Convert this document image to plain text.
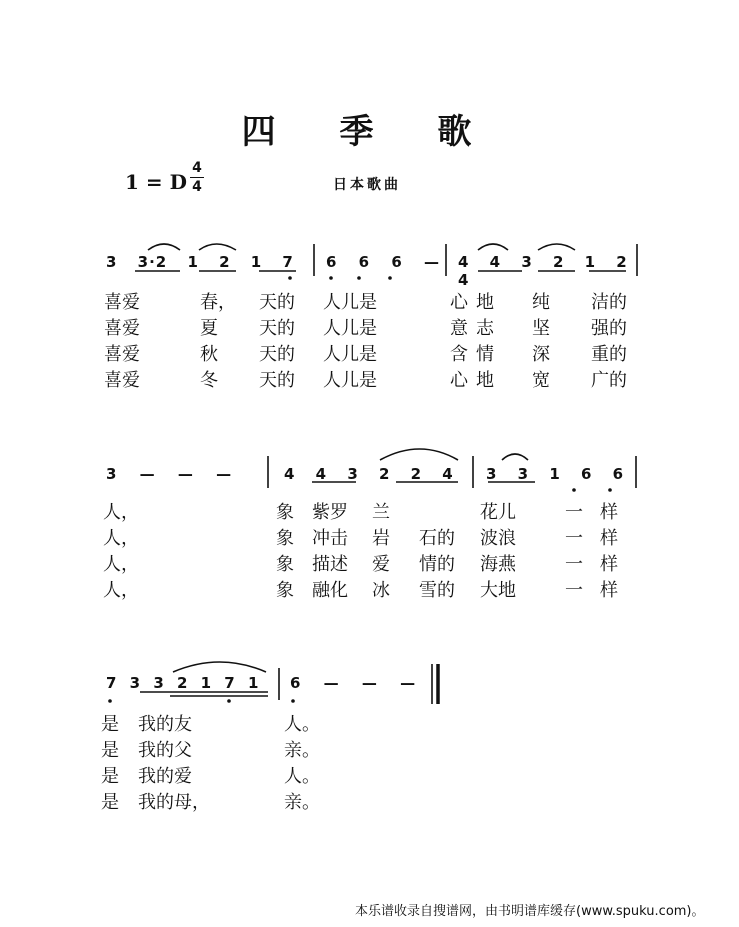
四 季 歌
1 = D
4
4	日本歌曲
3 3·2 1 2 1 7	6 6 6 — 4 4 3 2 1 2 4
喜爱	春， 天的 人儿是	心 地 纯 洁的
喜爱	夏 天的 人儿是	意 志 坚 强的
喜爱	秋 天的 人儿是	含 情 深 重的
喜爱	冬 天的 人儿是	心 地 宽 广的
3 — — —	4 4 3 2 2 4	3 3 1 6 6
人，	象 紫罗 兰	花儿	一 样
人，	象 冲击 岩 石的 波浪	一 样
人，	象 描述 爱 情的 海燕	一 样
人，	象 融化 冰 雪的 大地	一 样
7 3 3 2 1 7 1	6 — — —
是 我的友	人。
是 我的父	亲。
是 我的爱	人。
是 我的母，	亲。
本乐谱收录自搜谱网，由书明谱库缓存(www.spuku.com)。
